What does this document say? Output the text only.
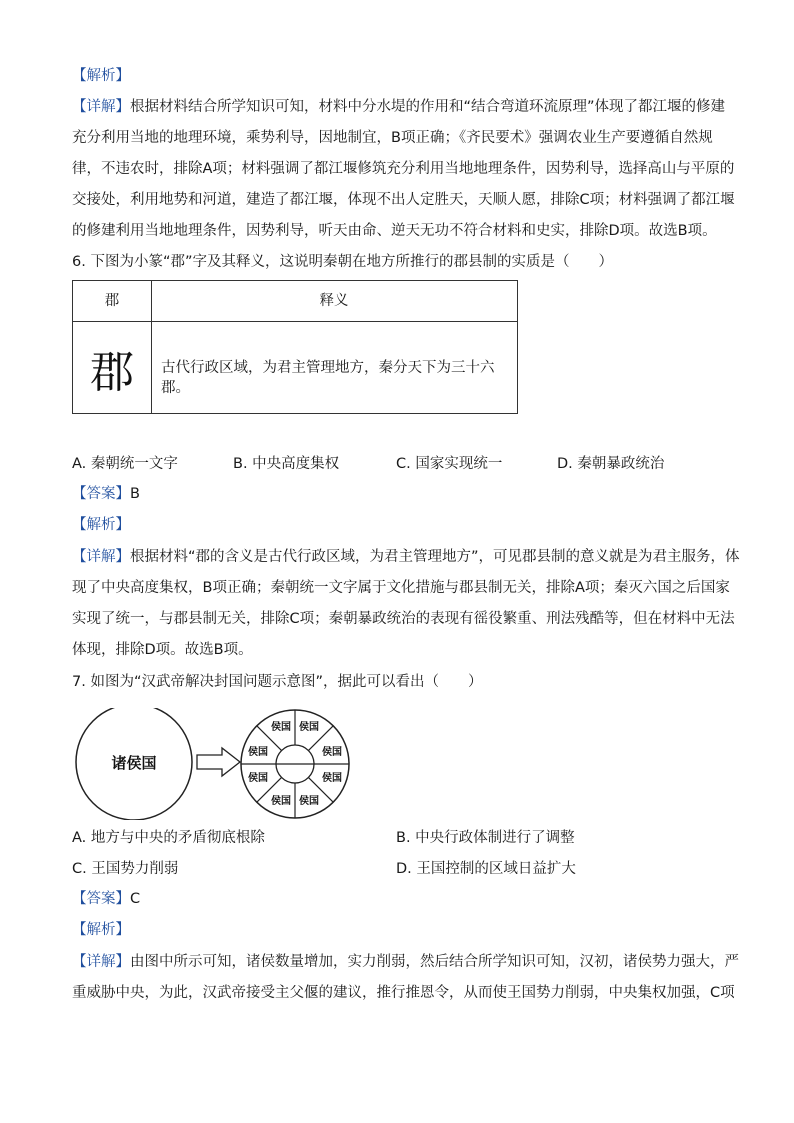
【解析】
【详解】根据材料结合所学知识可知，材料中分水堤的作用和“结合弯道环流原理”体现了都江堰的修建
充分利用当地的地理环境，乘势利导，因地制宜，B项正确；《齐民要术》强调农业生产要遵循自然规
律，不违农时，排除A项；材料强调了都江堰修筑充分利用当地地理条件，因势利导，选择高山与平原的
交接处，利用地势和河道，建造了都江堰，体现不出人定胜天，天顺人愿，排除C项；材料强调了都江堰
的修建利用当地地理条件，因势利导，听天由命、逆天无功不符合材料和史实，排除D项。故选B项。
6. 下图为小篆“郡”字及其释义，这说明秦朝在地方所推行的郡县制的实质是（　　）
郡	释义
郡 古代行政区域，为君主管理地方，秦分天下为三十六郡。
A. 秦朝统一文字	B. 中央高度集权	C. 国家实现统一	D. 秦朝暴政统治
【答案】B
【解析】
【详解】根据材料“郡的含义是古代行政区域，为君主管理地方”，可见郡县制的意义就是为君主服务，体
现了中央高度集权，B项正确；秦朝统一文字属于文化措施与郡县制无关，排除A项；秦灭六国之后国家
实现了统一，与郡县制无关，排除C项；秦朝暴政统治的表现有徭役繁重、刑法残酷等，但在材料中无法
体现，排除D项。故选B项。
7. 如图为“汉武帝解决封国问题示意图”，据此可以看出（　　）
诸侯国
侯国 侯国
侯国
侯国
侯国
侯国
侯国
侯国
A. 地方与中央的矛盾彻底根除	B. 中央行政体制进行了调整
C. 王国势力削弱	D. 王国控制的区域日益扩大
【答案】C
【解析】
【详解】由图中所示可知，诸侯数量增加，实力削弱，然后结合所学知识可知，汉初，诸侯势力强大，严
重威胁中央，为此，汉武帝接受主父偃的建议，推行推恩令，从而使王国势力削弱，中央集权加强，C项
